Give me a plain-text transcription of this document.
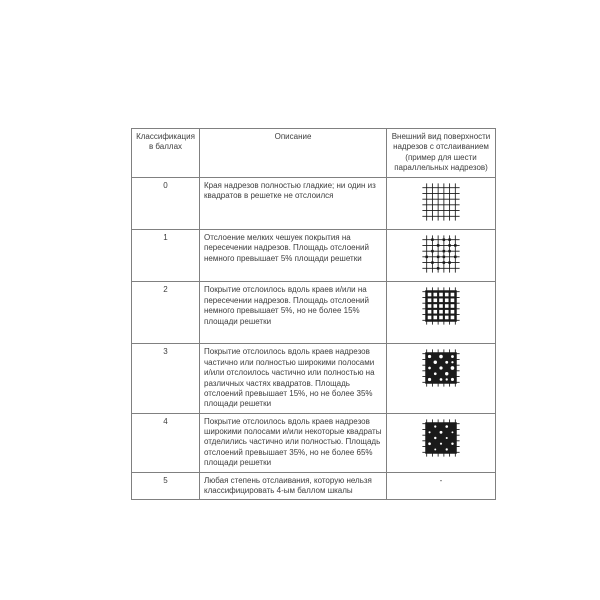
Классификация в баллах	Описание	Внешний вид поверхности надрезов с отслаиванием (пример для шести параллельных надрезов)
0	Края надрезов полностью гладкие; ни один из квадратов в решетке не отслоился	
1	Отслоение мелких чешуек покрытия на пересечении надрезов. Площадь отслоений немного превышает 5% площади решетки	
2	Покрытие отслоилось вдоль краев и/или на пересечении надрезов. Площадь отслоений немного превышает 5%, но не более 15% площади решетки	
3	Покрытие отслоилось вдоль краев надрезов частично или полностью широкими полосами и/или отслоилось частично или полностью на различных частях квадратов. Площадь отслоений превышает 15%, но не более 35% площади решетки	
4	Покрытие отслоилось вдоль краев надрезов широкими полосами и/или некоторые квадраты отделились частично или полностью. Площадь отслоений превышает 35%, но не более 65% площади решетки	
5	Любая степень отслаивания, которую нельзя классифицировать 4-ым баллом шкалы	-
